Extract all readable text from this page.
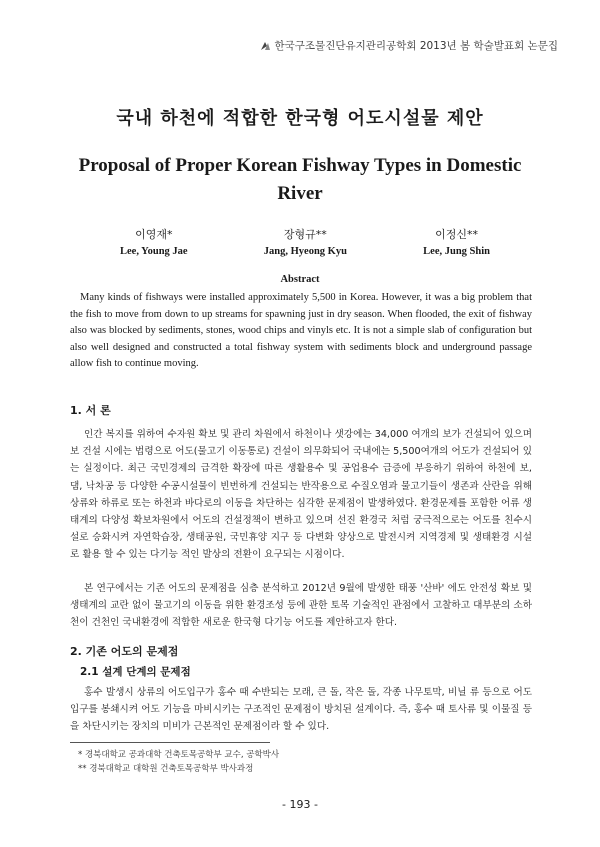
한국구조물진단유지관리공학회 2013년 봄 학술발표회 논문집
국내 하천에 적합한 한국형 어도시설물 제안
Proposal of Proper Korean Fishway Types in Domestic River
이영재*
Lee, Young Jae
장형규**
Jang, Hyeong Kyu
이정신**
Lee, Jung Shin
Abstract

Many kinds of fishways were installed approximately 5,500 in Korea. However, it was a big problem that the fish to move from down to up streams for spawning just in dry season. When flooded, the exit of fishway also was blocked by sediments, stones, wood chips and vinyls etc. It is not a simple slab of configuration but also well designed and constructed a total fishway system with sediments block and underground passage allow fish to continue moving.

1. 서 론

인간 복지를 위하여 수자원 확보 및 관리 차원에서 하천이나 샛강에는 34,000 여개의 보가 건설되어 있으며 보 건설 시에는 법령으로 어도(물고기 이동통로) 건설이 의무화되어 국내에는 5,500여개의 어도가 건설되어 있는 실정이다. 최근 국민경제의 급격한 확장에 따른 생활용수 및 공업용수 급증에 부응하기 위하여 하천에 보, 댐, 낙차공 등 다양한 수공시설물이 빈번하게 건설되는 반작용으로 수질오염과 물고기들이 생존과 산란을 위해 상류와 하류로 또는 하천과 바다로의 이동을 차단하는 심각한 문제점이 발생하였다. 환경문제를 포함한 어류 생태계의 다양성 확보차원에서 어도의 건설정책이 변하고 있으며 선진 환경국 처럼 궁극적으로는 어도를 친수시설로 승화시켜 자연학습장, 생태공원, 국민휴양 지구 등 다변화 양상으로 발전시켜 지역경제 및 생태환경 시설로 활용 할 수 있는 다기능 적인 발상의 전환이 요구되는 시점이다.

본 연구에서는 기존 어도의 문제점을 심층 분석하고 2012년 9월에 발생한 태풍 '산바' 에도 안전성 확보 및 생태계의 교란 없이 물고기의 이동을 위한 환경조성 등에 관한 토목 기술적인 관점에서 고찰하고 대부분의 소하천이 건천인 국내환경에 적합한 새로운 한국형 다기능 어도를 제안하고자 한다.

2. 기존 어도의 문제점
2.1 설계 단계의 문제점

홍수 발생시 상류의 어도입구가 홍수 때 수반되는 모래, 큰 돌, 작은 돌, 각종 나무토막, 비닐 류 등으로 어도 입구를 봉쇄시켜 어도 기능을 마비시키는 구조적인 문제점이 방치된 설계이다. 즉, 홍수 때 토사류 및 이물질 등을 차단시키는 장치의 미비가 근본적인 문제점이라 할 수 있다.

* 경북대학교 공과대학 건축토목공학부 교수, 공학박사
** 경북대학교 대학원 건축토목공학부 박사과정
- 193 -
